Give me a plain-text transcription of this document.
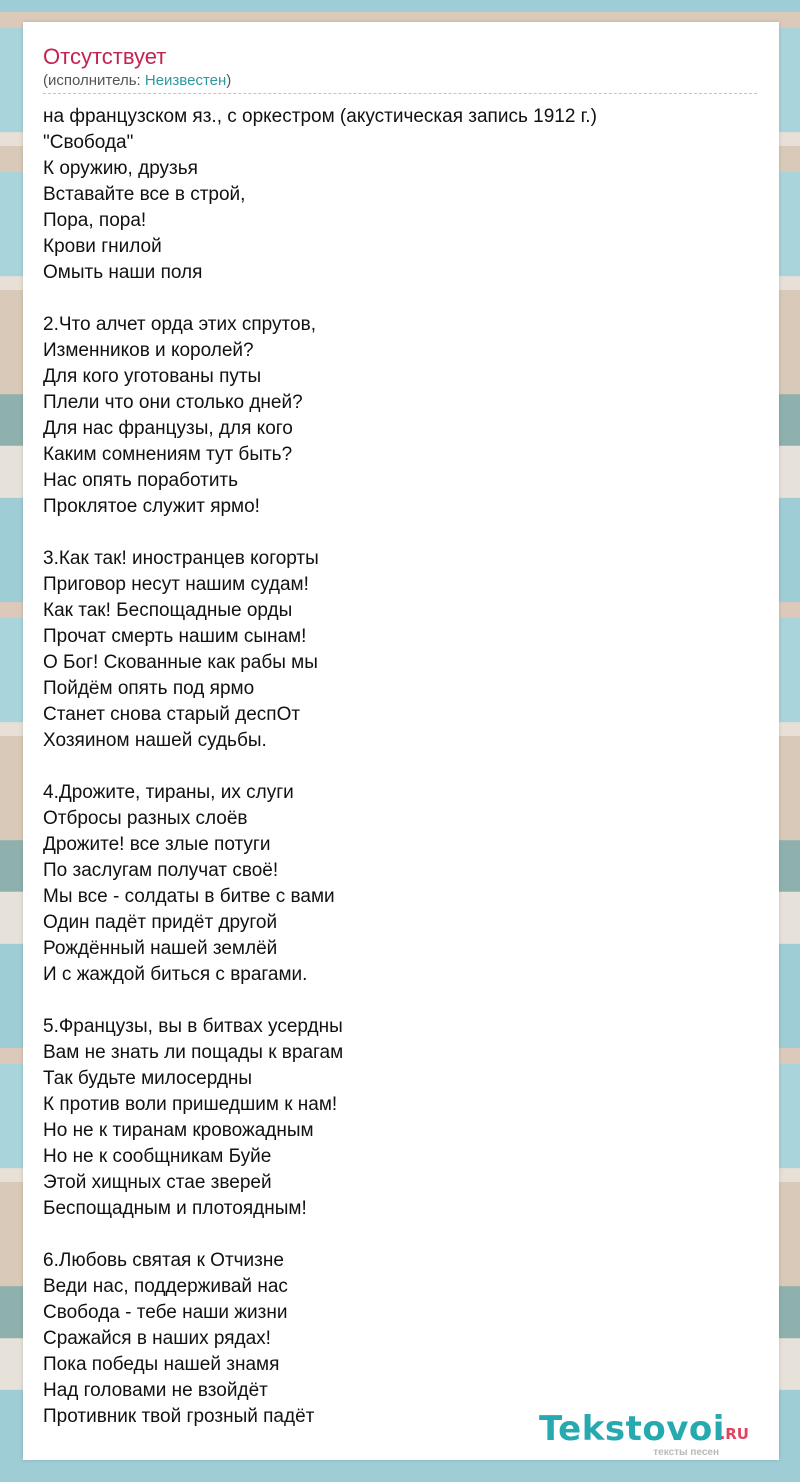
Отсутствует
(исполнитель: Неизвестен)
на французском яз., с оркестром (акустическая запись 1912 г.)
"Свобода"
К оружию, друзья
Вставайте все в строй,
Пора, пора!
Крови гнилой
Омыть наши поля
2.Что алчет орда этих спрутов,
Изменников и королей?
Для кого уготованы путы
Плели что они столько дней?
Для нас французы, для кого
Каким сомнениям тут быть?
Нас опять поработить
Проклятое служит ярмо!
3.Как так! иностранцев когорты
Приговор несут нашим судам!
Как так! Беспощадные орды
Прочат смерть нашим сынам!
О Бог! Скованные как рабы мы
Пойдём опять под ярмо
Станет снова старый деспОт
Хозяином нашей судьбы.
4.Дрожите, тираны, их слуги
Отбросы разных слоёв
Дрожите! все злые потуги
По заслугам получат своё!
Мы все - солдаты в битве с вами
Один падёт придёт другой
Рождённый нашей землёй
И с жаждой биться с врагами.
5.Французы, вы в битвах усердны
Вам не знать ли пощады к врагам
Так будьте милосердны
К против воли пришедшим к нам!
Но не к тиранам кровожадным
Но не к сообщникам Буйе
Этой хищных стае зверей
Беспощадным и плотоядным!
6.Любовь святая к Отчизне
Веди нас, поддерживай нас
Свобода - тебе наши жизни
Сражайся в наших рядах!
Пока победы нашей знамя
Над головами не взойдёт
Противник твой грозный падёт	Tekstovoi
.RU
тексты песен
